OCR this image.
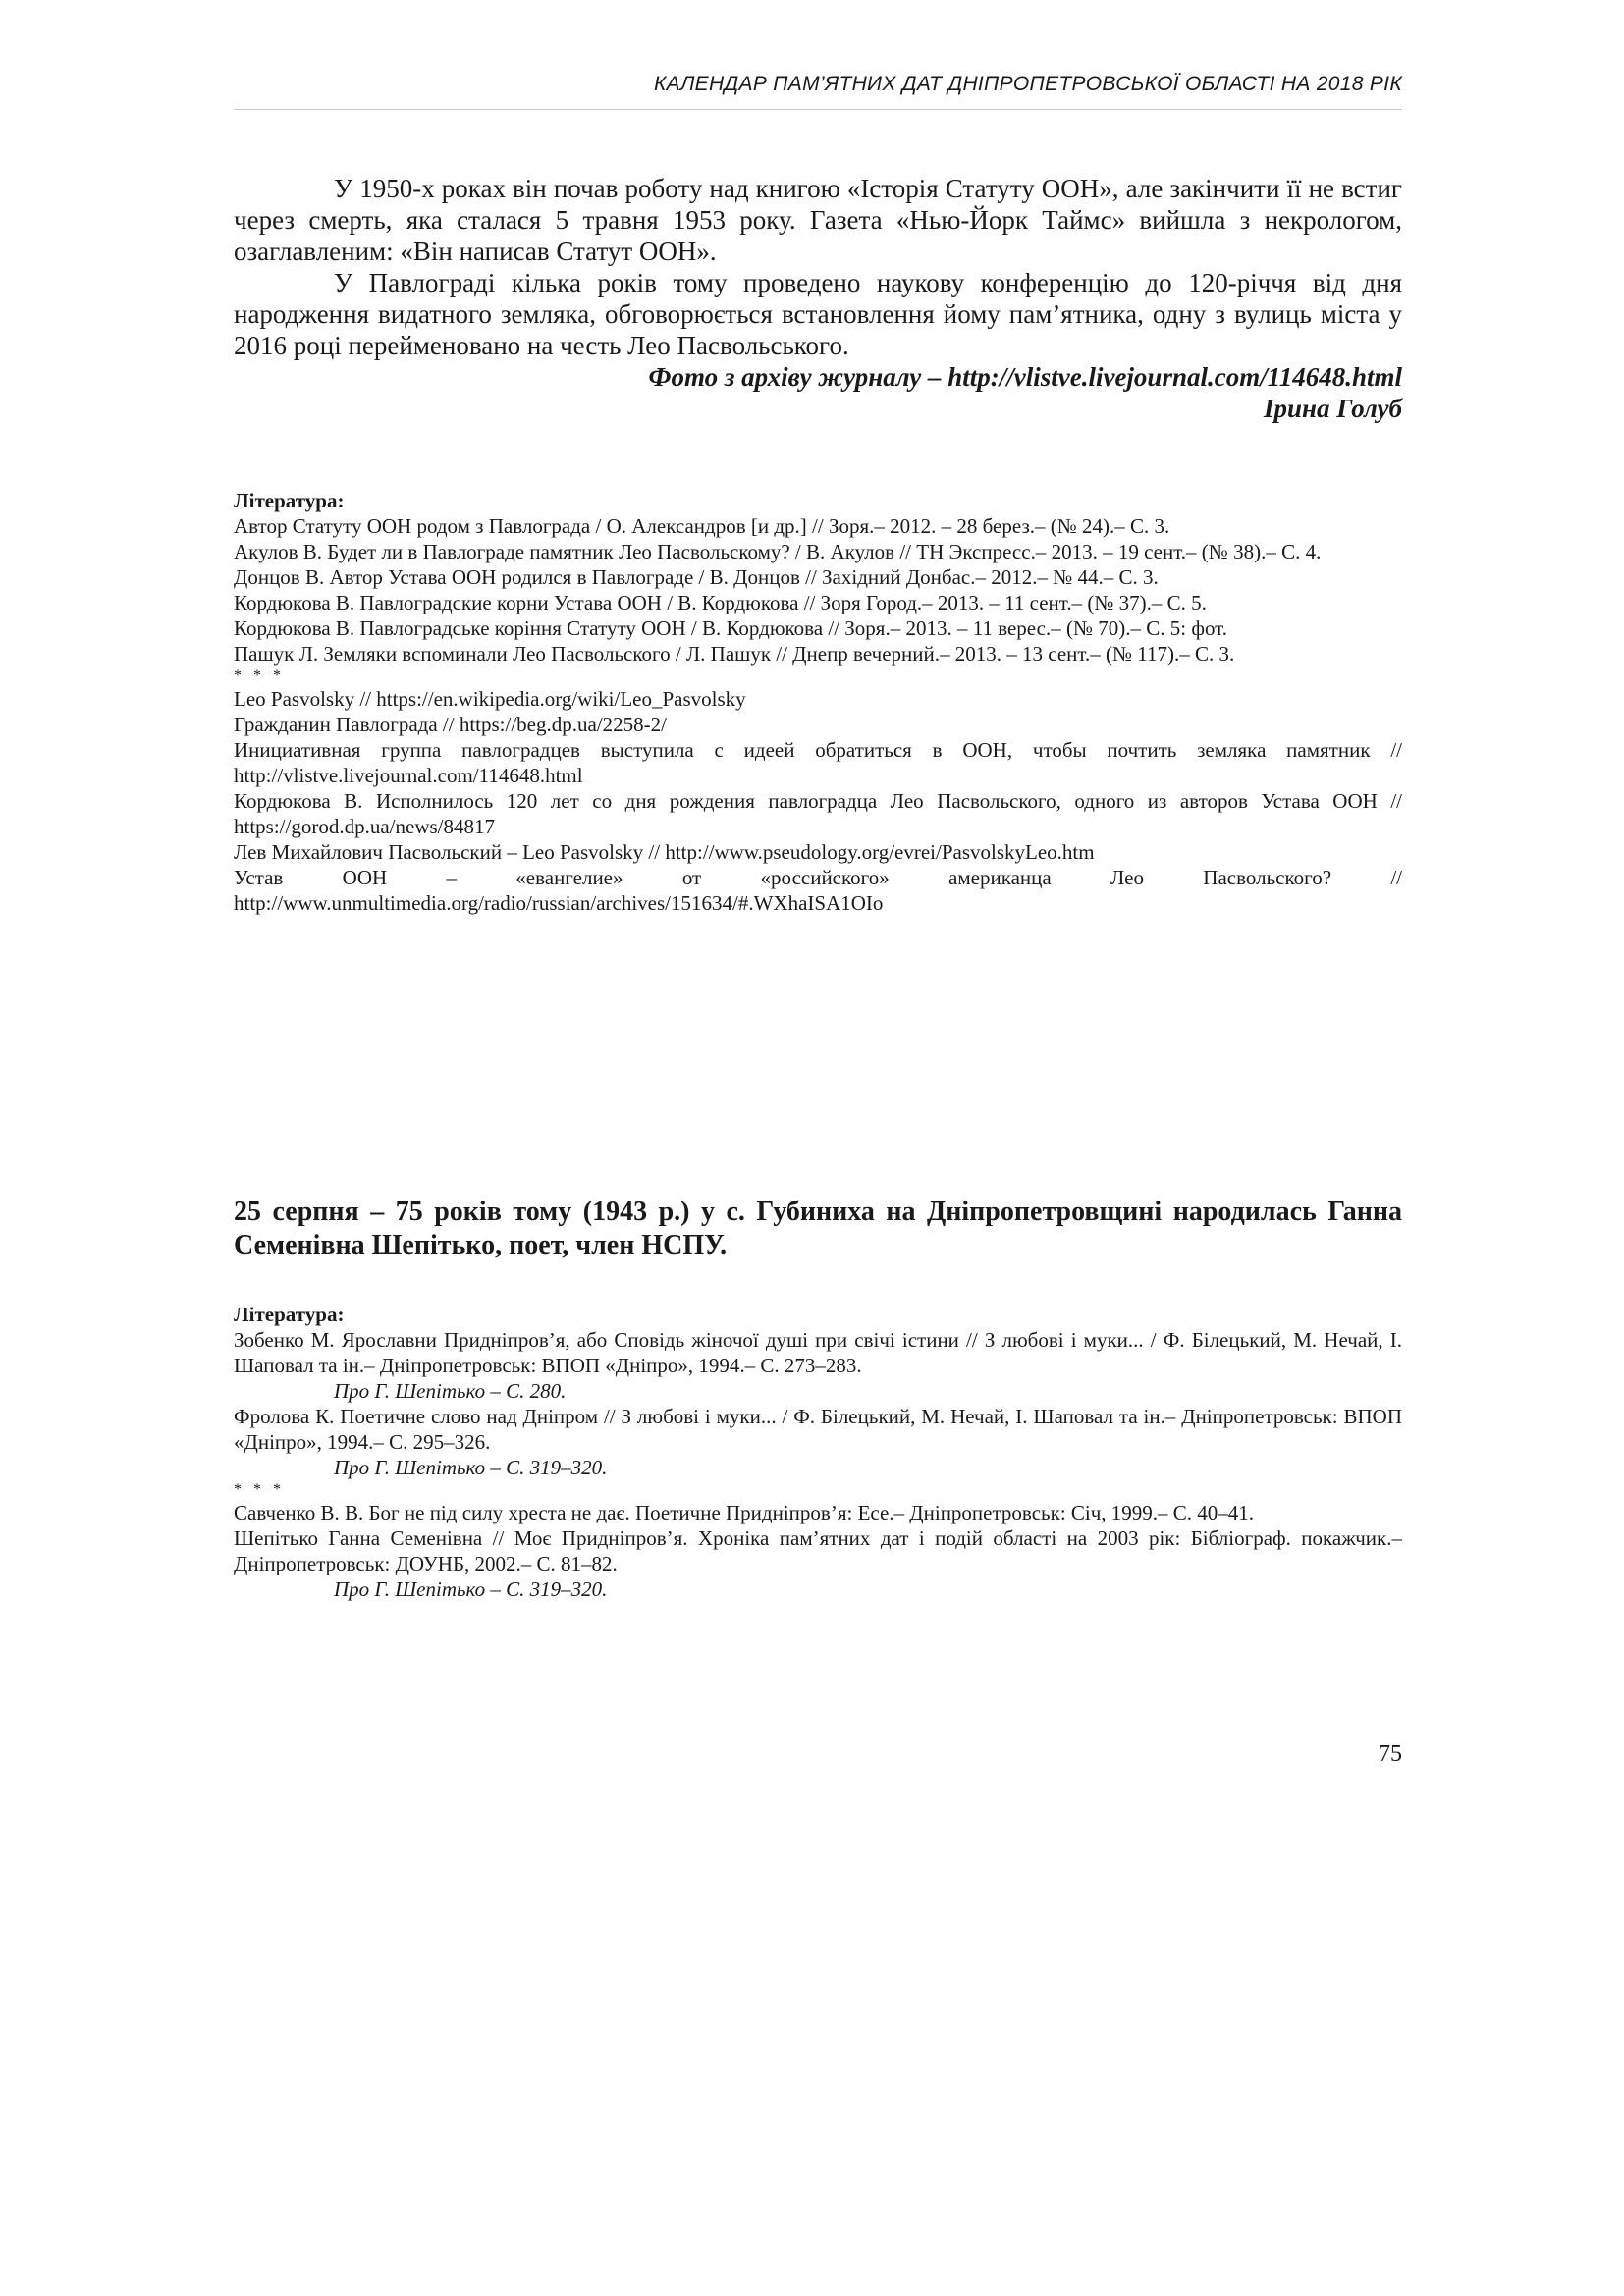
КАЛЕНДАР ПАМ’ЯТНИХ ДАТ ДНІПРОПЕТРОВСЬКОЇ ОБЛАСТІ НА 2018 РІК

У 1950-х роках він почав роботу над книгою «Історія Статуту ООН», але закінчити її не встиг через смерть, яка сталася 5 травня 1953 року. Газета «Нью-Йорк Таймс» вийшла з некрологом, озаглавленим: «Він написав Статут ООН».

У Павлограді кілька років тому проведено наукову конференцію до 120-річчя від дня народження видатного земляка, обговорюється встановлення йому пам’ятника, одну з вулиць міста у 2016 році перейменовано на честь Лео Пасвольського.

Фото з архіву журналу – http://vlistve.livejournal.com/114648.html

Ірина Голуб

Література:

Автор Статуту ООН родом з Павлограда / О. Александров [и др.] // Зоря.– 2012. – 28 берез.– (№ 24).– С. 3.
Акулов В. Будет ли в Павлограде памятник Лео Пасвольскому? / В. Акулов // ТН Экспресс.– 2013. – 19 сент.– (№ 38).– С. 4.
Донцов В. Автор Устава ООН родился в Павлограде / В. Донцов // Західний Донбас.– 2012.– № 44.– С. 3.
Кордюкова В. Павлоградские корни Устава ООН / В. Кордюкова // Зоря Город.– 2013. – 11 сент.– (№ 37).– С. 5.
Кордюкова В. Павлоградське коріння Статуту ООН / В. Кордюкова // Зоря.– 2013. – 11 верес.– (№ 70).– С. 5: фот.
Пашук Л. Земляки вспоминали Лео Пасвольского / Л. Пашук // Днепр вечерний.– 2013. – 13 сент.– (№ 117).– С. 3.
* * *
Leo Pasvolsky // https://en.wikipedia.org/wiki/Leo_Pasvolsky
Гражданин Павлограда // https://beg.dp.ua/2258-2/
Инициативная группа павлоградцев выступила с идеей обратиться в ООН, чтобы почтить земляка памятник // http://vlistve.livejournal.com/114648.html
Кордюкова В. Исполнилось 120 лет со дня рождения павлоградца Лео Пасвольского, одного из авторов Устава ООН // https://gorod.dp.ua/news/84817
Лев Михайлович Пасвольский – Leo Pasvolsky // http://www.pseudology.org/evrei/PasvolskyLeo.htm
Устав ООН – «евангелие» от «российского» американца Лео Пасвольского? // http://www.unmultimedia.org/radio/russian/archives/151634/#.WXhaISA1OIo

25 серпня – 75 років тому (1943 р.) у с. Губиниха на Дніпропетровщині народилась Ганна Семенівна Шепітько, поет, член НСПУ.

Література:

Зобенко М. Ярославни Придніпров’я, або Сповідь жіночої душі при свічі істини // З любові і муки... / Ф. Білецький, М. Нечай, І. Шаповал та ін.– Дніпропетровськ: ВПОП «Дніпро», 1994.– С. 273–283.
Про Г. Шепітько – С. 280.
Фролова К. Поетичне слово над Дніпром // З любові і муки... / Ф. Білецький, М. Нечай, І. Шаповал та ін.– Дніпропетровськ: ВПОП «Дніпро», 1994.– С. 295–326.
Про Г. Шепітько – С. 319–320.
* * *
Савченко В. В. Бог не під силу хреста не дає. Поетичне Придніпров’я: Есе.– Дніпропетровськ: Січ, 1999.– С. 40–41.
Шепітько Ганна Семенівна // Моє Придніпров’я. Хроніка пам’ятних дат і подій області на 2003 рік: Бібліограф. покажчик.– Дніпропетровськ: ДОУНБ, 2002.– С. 81–82.
Про Г. Шепітько – С. 319–320.
75
